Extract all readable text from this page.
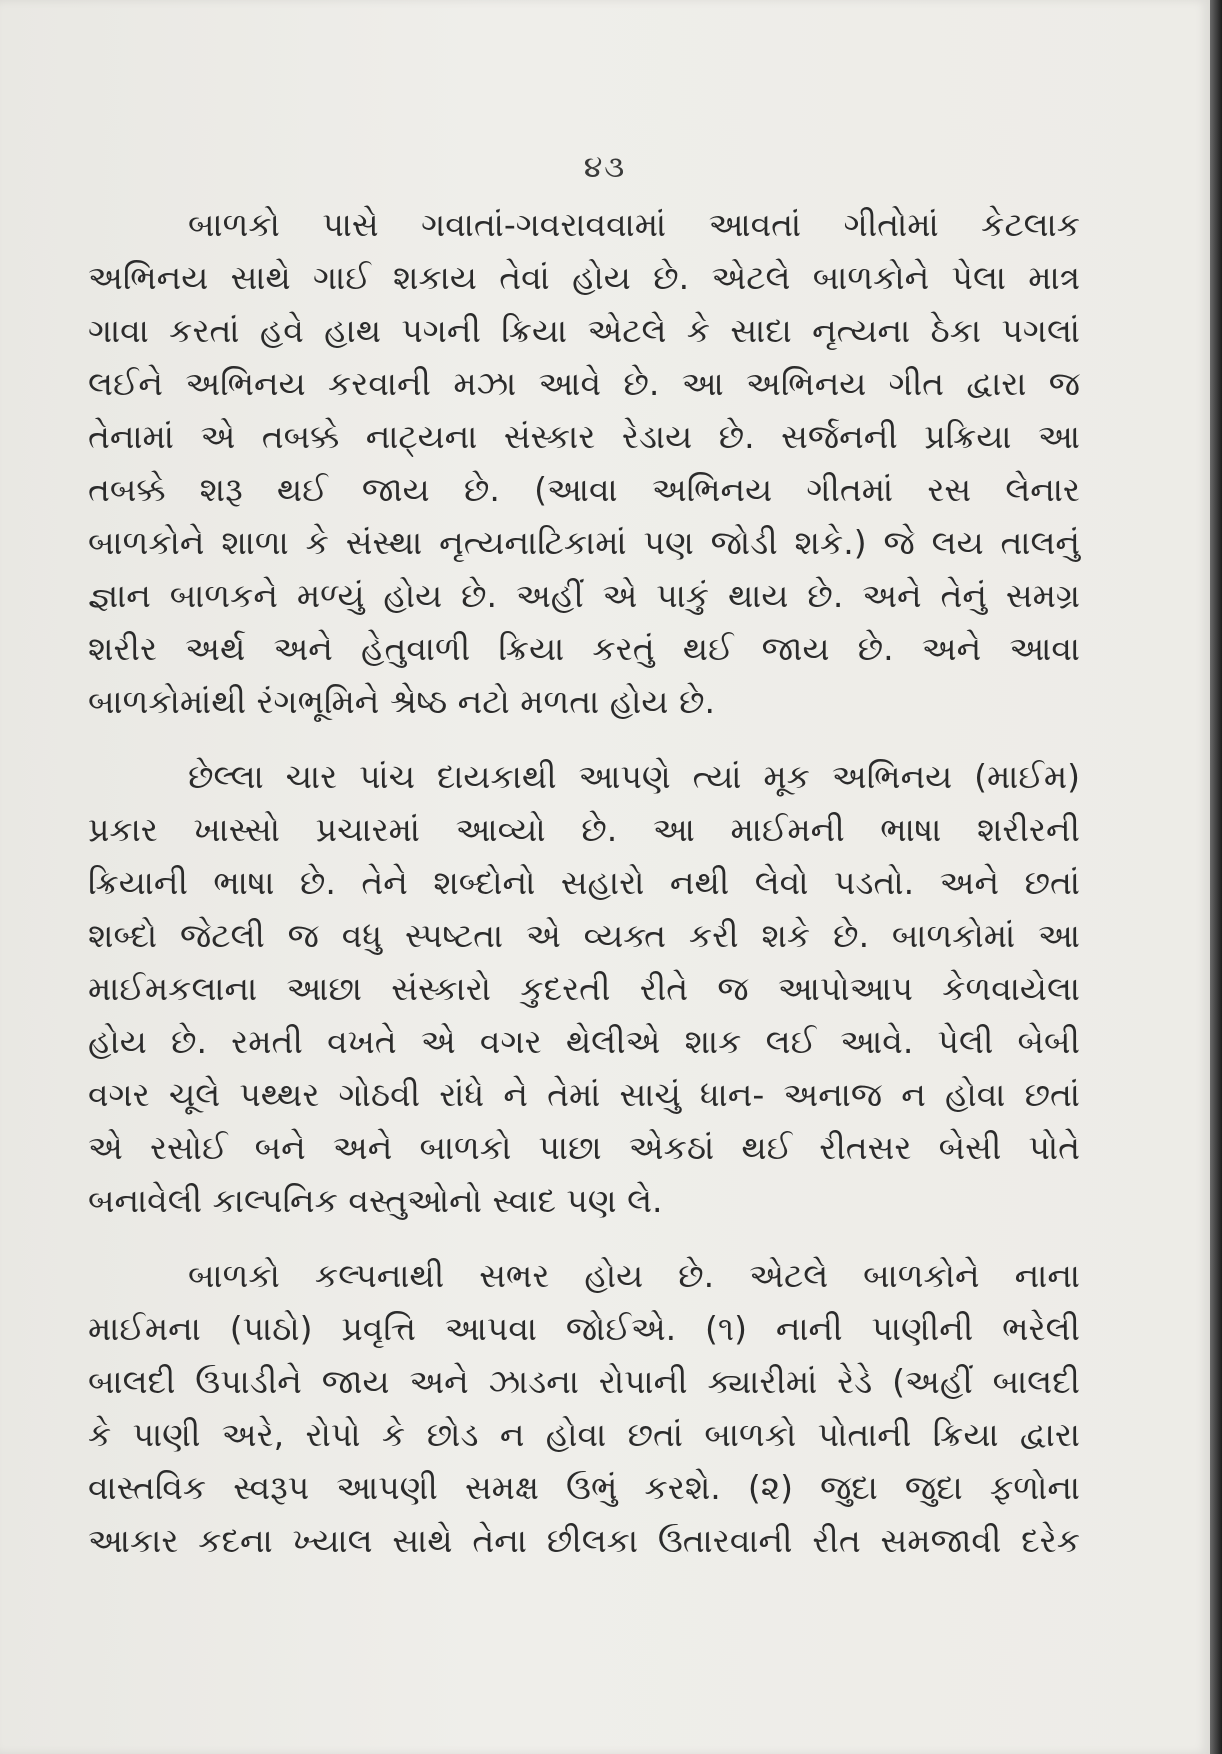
૪૩
બાળકો પાસે ગવાતાં-ગવરાવવામાં આવતાં ગીતોમાં કેટલાક
અભિનય સાથે ગાઈ શકાય તેવાં હોય છે. એટલે બાળકોને પેલા માત્ર
ગાવા કરતાં હવે હાથ પગની ક્રિયા એટલે કે સાદા નૃત્યના ઠેકા પગલાં
લઈને અભિનય કરવાની મઝા આવે છે. આ અભિનય ગીત દ્વારા જ
તેનામાં એ તબક્કે નાટ્યના સંસ્કાર રેડાય છે. સર્જનની પ્રક્રિયા આ
તબક્કે શરૂ થઈ જાય છે. (આવા અભિનય ગીતમાં રસ લેનાર
બાળકોને શાળા કે સંસ્થા નૃત્યનાટિકામાં પણ જોડી શકે.) જે લય તાલનું
જ્ઞાન બાળકને મળ્યું હોય છે. અહીં એ પાકું થાય છે. અને તેનું સમગ્ર
શરીર અર્થ અને હેતુવાળી ક્રિયા કરતું થઈ જાય છે. અને આવા
બાળકોમાંથી રંગભૂમિને શ્રેષ્ઠ નટો મળતા હોય છે.
છેલ્લા ચાર પાંચ દાયકાથી આપણે ત્યાં મૂક અભિનય (માઈમ)
પ્રકાર ખાસ્સો પ્રચારમાં આવ્યો છે. આ માઈમની ભાષા શરીરની
ક્રિયાની ભાષા છે. તેને શબ્દોનો સહારો નથી લેવો પડતો. અને છતાં
શબ્દો જેટલી જ વધુ સ્પષ્ટતા એ વ્યક્ત કરી શકે છે. બાળકોમાં આ
માઈમકલાના આછા સંસ્કારો કુદરતી રીતે જ આપોઆપ કેળવાયેલા
હોય છે. રમતી વખતે એ વગર થેલીએ શાક લઈ આવે. પેલી બેબી
વગર ચૂલે પથ્થર ગોઠવી રાંધે ને તેમાં સાચું ધાન- અનાજ ન હોવા છતાં
એ રસોઈ બને અને બાળકો પાછા એકઠાં થઈ રીતસર બેસી પોતે
બનાવેલી કાલ્પનિક વસ્તુઓનો સ્વાદ પણ લે.
બાળકો કલ્પનાથી સભર હોય છે. એટલે બાળકોને નાના
માઈમના (પાઠો) પ્રવૃત્તિ આપવા જોઈએ. (૧) નાની પાણીની ભરેલી
બાલદી ઉપાડીને જાય અને ઝાડના રોપાની ક્યારીમાં રેડે (અહીં બાલદી
કે પાણી અરે, રોપો કે છોડ ન હોવા છતાં બાળકો પોતાની ક્રિયા દ્વારા
વાસ્તવિક સ્વરૂપ આપણી સમક્ષ ઉભું કરશે. (૨) જુદા જુદા ફળોના
આકાર કદના ખ્યાલ સાથે તેના છીલકા ઉતારવાની રીત સમજાવી દરેક
